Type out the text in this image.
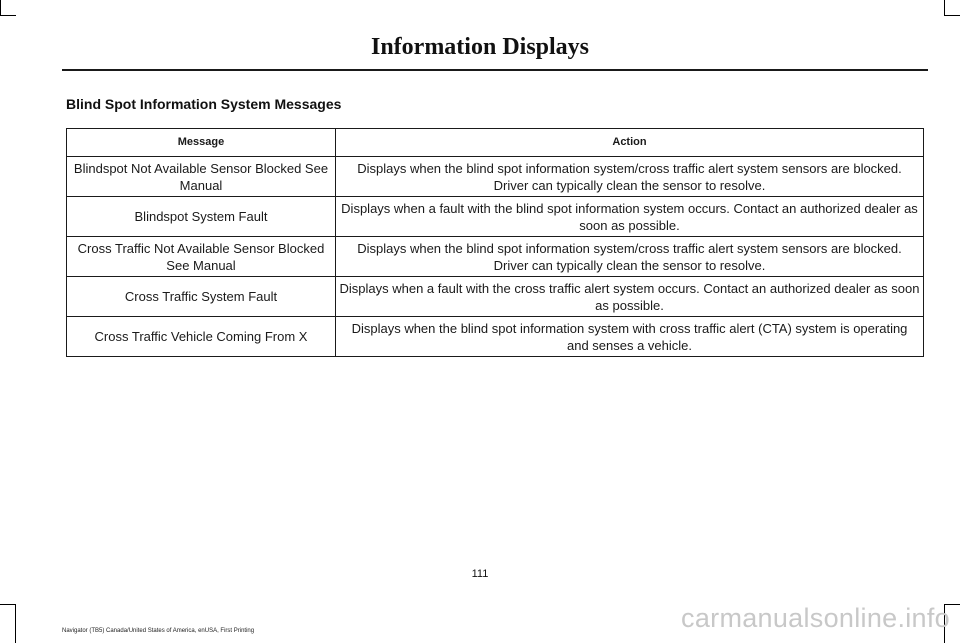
Information Displays
Blind Spot Information System Messages
Message	Action
Blindspot Not Available Sensor Blocked See Manual	Displays when the blind spot information system/cross traffic alert system sensors are blocked. Driver can typically clean the sensor to resolve.
Blindspot System Fault	Displays when a fault with the blind spot information system occurs. Contact an authorized dealer as soon as possible.
Cross Traffic Not Available Sensor Blocked See Manual	Displays when the blind spot information system/cross traffic alert system sensors are blocked. Driver can typically clean the sensor to resolve.
Cross Traffic System Fault	Displays when a fault with the cross traffic alert system occurs. Contact an authorized dealer as soon as possible.
Cross Traffic Vehicle Coming From X	Displays when the blind spot information system with cross traffic alert (CTA) system is operating and senses a vehicle.
111
Navigator (TB5) Canada/United States of America, enUSA, First Printing	carmanualsonline.info
